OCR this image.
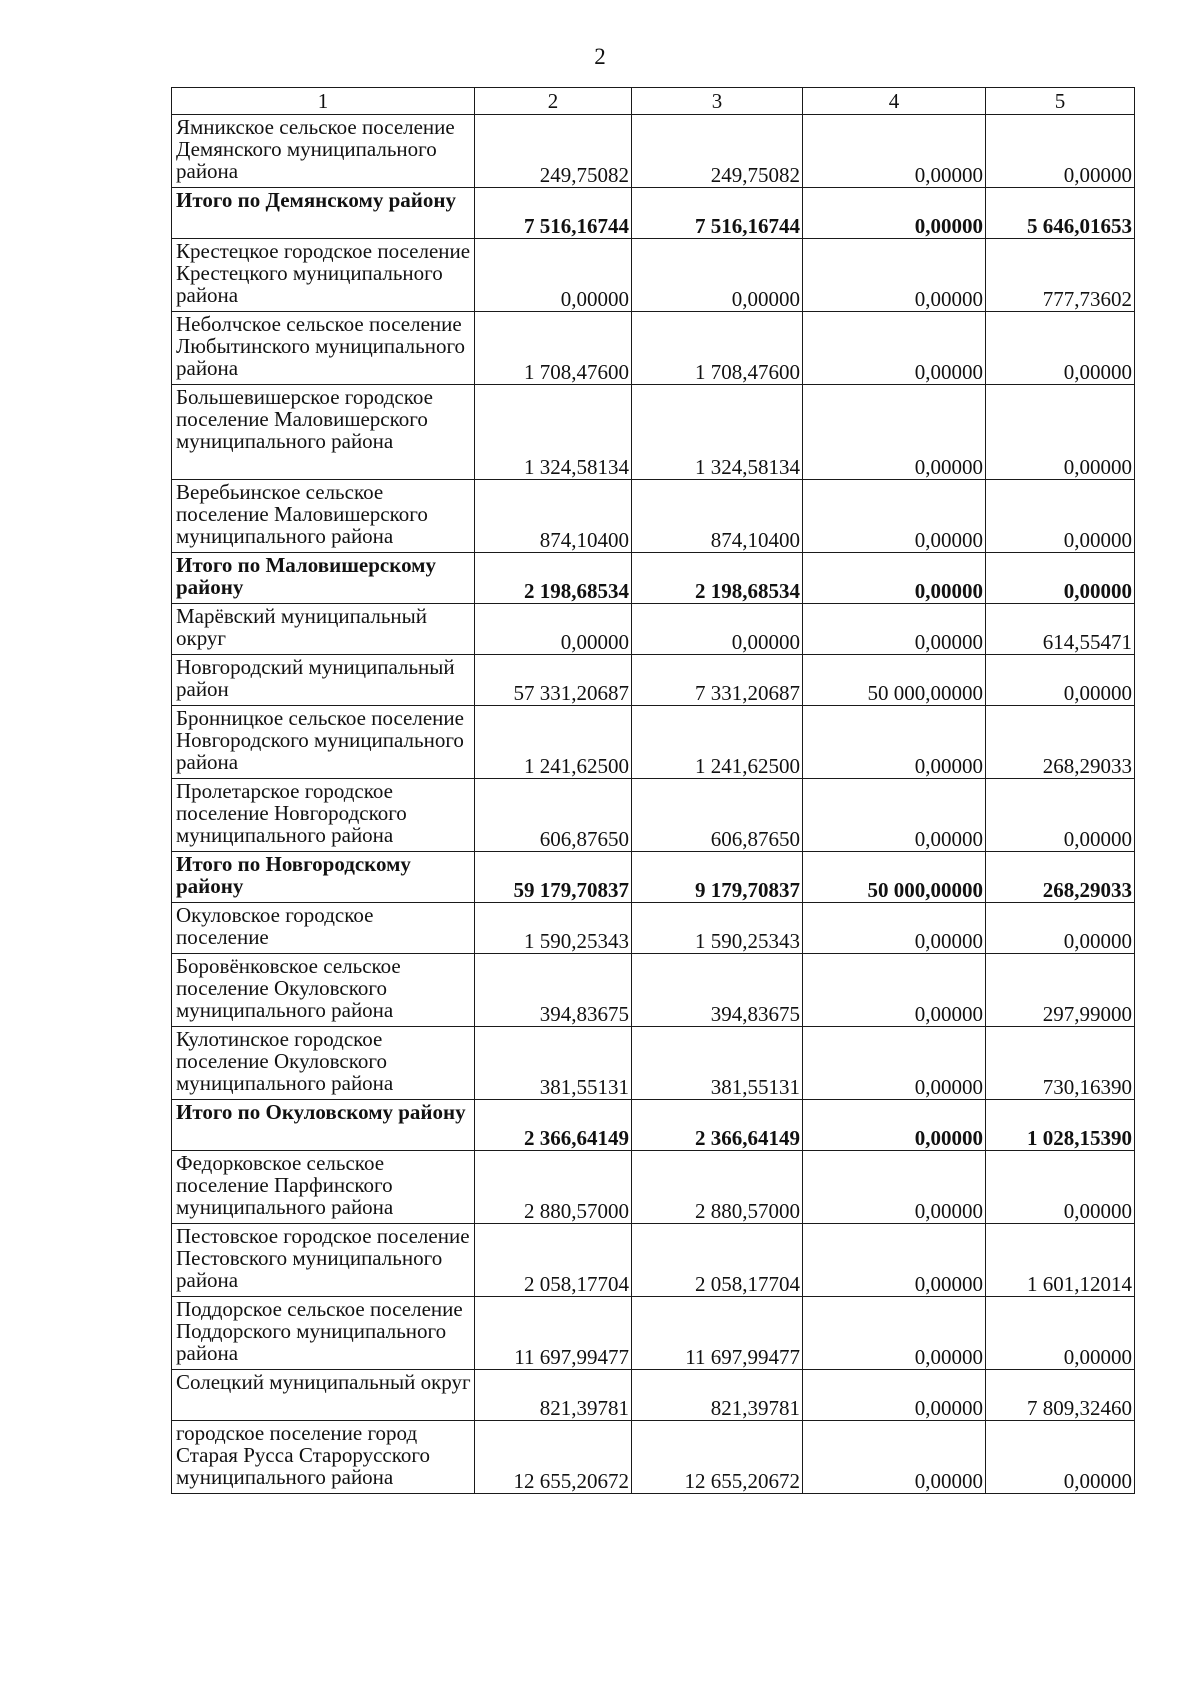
2
1	2	3	4	5
Ямникское сельское поселение Демянского муниципального района	249,75082	249,75082	0,00000	0,00000
Итого по Демянскому району	7 516,16744	7 516,16744	0,00000	5 646,01653
Крестецкое городское поселение Крестецкого муниципального района	0,00000	0,00000	0,00000	777,73602
Неболчское сельское поселение Любытинского муниципального района	1 708,47600	1 708,47600	0,00000	0,00000
Большевишерское городское поселение Маловишерского муниципального района	1 324,58134	1 324,58134	0,00000	0,00000
Веребьинское сельское поселение Маловишерского муниципального района	874,10400	874,10400	0,00000	0,00000
Итого по Маловишерскому району	2 198,68534	2 198,68534	0,00000	0,00000
Марёвский муниципальный округ	0,00000	0,00000	0,00000	614,55471
Новгородский муниципальный район	57 331,20687	7 331,20687	50 000,00000	0,00000
Бронницкое сельское поселение Новгородского муниципального района	1 241,62500	1 241,62500	0,00000	268,29033
Пролетарское городское поселение Новгородского муниципального района	606,87650	606,87650	0,00000	0,00000
Итого по Новгородскому району	59 179,70837	9 179,70837	50 000,00000	268,29033
Окуловское городское поселение	1 590,25343	1 590,25343	0,00000	0,00000
Боровёнковское сельское поселение Окуловского муниципального района	394,83675	394,83675	0,00000	297,99000
Кулотинское городское поселение Окуловского муниципального района	381,55131	381,55131	0,00000	730,16390
Итого по Окуловскому району	2 366,64149	2 366,64149	0,00000	1 028,15390
Федорковское сельское поселение Парфинского муниципального района	2 880,57000	2 880,57000	0,00000	0,00000
Пестовское городское поселение Пестовского муниципального района	2 058,17704	2 058,17704	0,00000	1 601,12014
Поддорское сельское поселение Поддорского муниципального района	11 697,99477	11 697,99477	0,00000	0,00000
Солецкий муниципальный округ	821,39781	821,39781	0,00000	7 809,32460
городское поселение город Старая Русса Старорусского муниципального района	12 655,20672	12 655,20672	0,00000	0,00000
